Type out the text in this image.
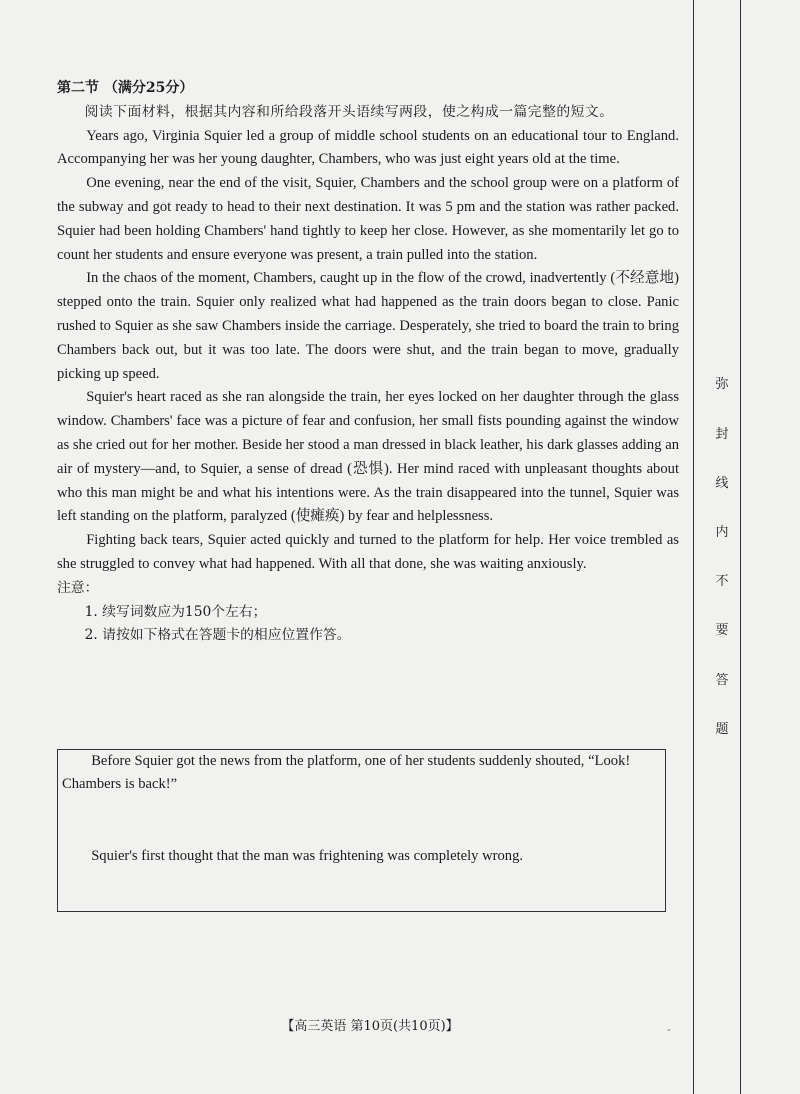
弥
封
线
内
不
要
答
题

第二节 （满分25分）

阅读下面材料，根据其内容和所给段落开头语续写两段，使之构成一篇完整的短文。

Years ago, Virginia Squier led a group of middle school students on an educational tour to England. Accompanying her was her young daughter, Chambers, who was just eight years old at the time.

One evening, near the end of the visit, Squier, Chambers and the school group were on a platform of the subway and got ready to head to their next destination. It was 5 pm and the station was rather packed. Squier had been holding Chambers' hand tightly to keep her close. However, as she momentarily let go to count her students and ensure everyone was present, a train pulled into the station.

In the chaos of the moment, Chambers, caught up in the flow of the crowd, inadvertently (不经意地) stepped onto the train. Squier only realized what had happened as the train doors began to close. Panic rushed to Squier as she saw Chambers inside the carriage. Desperately, she tried to board the train to bring Chambers back out, but it was too late. The doors were shut, and the train began to move, gradually picking up speed.

Squier's heart raced as she ran alongside the train, her eyes locked on her daughter through the glass window. Chambers' face was a picture of fear and confusion, her small fists pounding against the window as she cried out for her mother. Beside her stood a man dressed in black leather, his dark glasses adding an air of mystery—and, to Squier, a sense of dread (恐惧). Her mind raced with unpleasant thoughts about who this man might be and what his intentions were. As the train disappeared into the tunnel, Squier was left standing on the platform, paralyzed (使瘫痪) by fear and helplessness.

Fighting back tears, Squier acted quickly and turned to the platform for help. Her voice trembled as she struggled to convey what had happened. With all that done, she was waiting anxiously.

注意：

1. 续写词数应为150个左右；

2. 请按如下格式在答题卡的相应位置作答。

Before Squier got the news from the platform, one of her students suddenly shouted, “Look! Chambers is back!”

Squier's first thought that the man was frightening was completely wrong.

【高三英语 第10页(共10页)】	-
